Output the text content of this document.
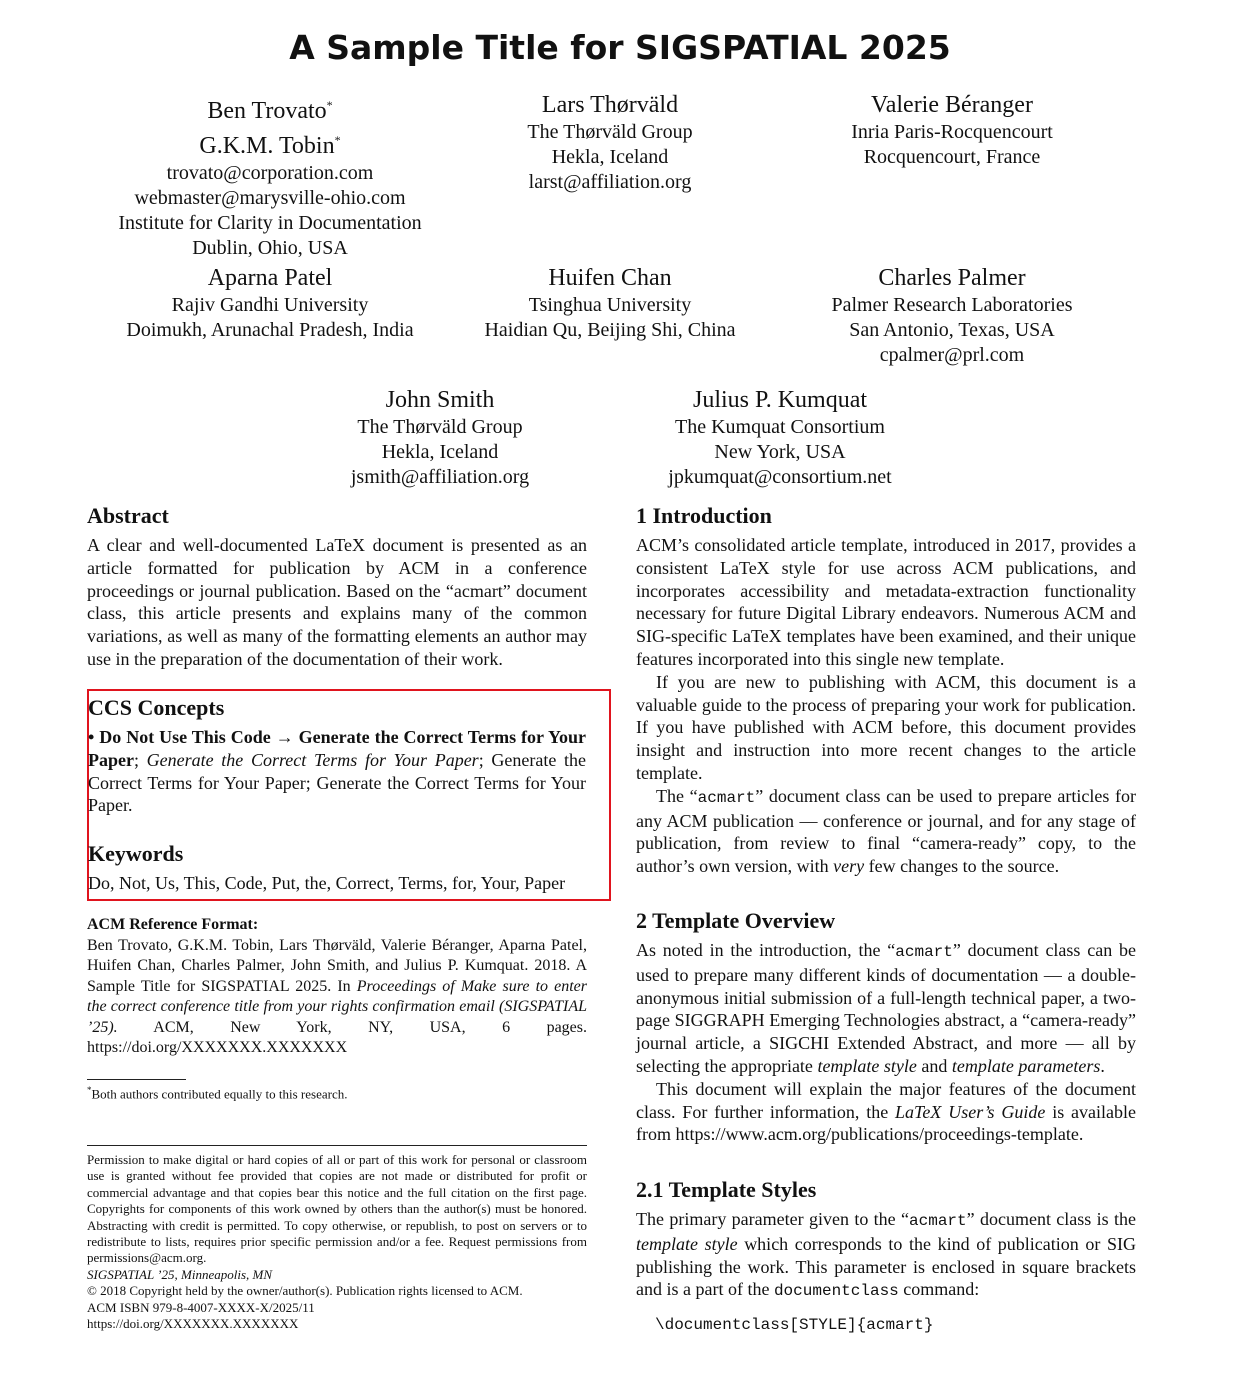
A Sample Title for SIGSPATIAL 2025
Ben Trovato*
G.K.M. Tobin*
trovato@corporation.com
webmaster@marysville-ohio.com
Institute for Clarity in Documentation
Dublin, Ohio, USA
Lars Thørväld
The Thørväld Group
Hekla, Iceland
larst@affiliation.org
Valerie Béranger
Inria Paris-Rocquencourt
Rocquencourt, France
Aparna Patel
Rajiv Gandhi University
Doimukh, Arunachal Pradesh, India
Huifen Chan
Tsinghua University
Haidian Qu, Beijing Shi, China
Charles Palmer
Palmer Research Laboratories
San Antonio, Texas, USA
cpalmer@prl.com
John Smith
The Thørväld Group
Hekla, Iceland
jsmith@affiliation.org
Julius P. Kumquat
The Kumquat Consortium
New York, USA
jpkumquat@consortium.net
Abstract

A clear and well-documented LaTeX document is presented as an article formatted for publication by ACM in a conference proceedings or journal publication. Based on the “acmart” document class, this article presents and explains many of the common variations, as well as many of the formatting elements an author may use in the preparation of the documentation of their work.

CCS Concepts

• Do Not Use This Code → Generate the Correct Terms for Your Paper; Generate the Correct Terms for Your Paper; Generate the Correct Terms for Your Paper; Generate the Correct Terms for Your Paper.

Keywords

Do, Not, Us, This, Code, Put, the, Correct, Terms, for, Your, Paper

ACM Reference Format:

Ben Trovato, G.K.M. Tobin, Lars Thørväld, Valerie Béranger, Aparna Patel, Huifen Chan, Charles Palmer, John Smith, and Julius P. Kumquat. 2018. A Sample Title for SIGSPATIAL 2025. In Proceedings of Make sure to enter the correct conference title from your rights confirmation email (SIGSPATIAL ’25). ACM, New York, NY, USA, 6 pages. https://doi.org/XXXXXXX.XXXXXXX

*Both authors contributed equally to this research.
Permission to make digital or hard copies of all or part of this work for personal or classroom use is granted without fee provided that copies are not made or distributed for profit or commercial advantage and that copies bear this notice and the full citation on the first page. Copyrights for components of this work owned by others than the author(s) must be honored. Abstracting with credit is permitted. To copy otherwise, or republish, to post on servers or to redistribute to lists, requires prior specific permission and/or a fee. Request permissions from permissions@acm.org.
SIGSPATIAL ’25, Minneapolis, MN
© 2018 Copyright held by the owner/author(s). Publication rights licensed to ACM.
ACM ISBN 979-8-4007-XXXX-X/2025/11
https://doi.org/XXXXXXX.XXXXXXX
1 Introduction

ACM’s consolidated article template, introduced in 2017, provides a consistent LaTeX style for use across ACM publications, and incorporates accessibility and metadata-extraction functionality necessary for future Digital Library endeavors. Numerous ACM and SIG-specific LaTeX templates have been examined, and their unique features incorporated into this single new template.

If you are new to publishing with ACM, this document is a valuable guide to the process of preparing your work for publication. If you have published with ACM before, this document provides insight and instruction into more recent changes to the article template.

The “acmart” document class can be used to prepare articles for any ACM publication — conference or journal, and for any stage of publication, from review to final “camera-ready” copy, to the author’s own version, with very few changes to the source.

2 Template Overview

As noted in the introduction, the “acmart” document class can be used to prepare many different kinds of documentation — a double-anonymous initial submission of a full-length technical paper, a two-page SIGGRAPH Emerging Technologies abstract, a “camera-ready” journal article, a SIGCHI Extended Abstract, and more — all by selecting the appropriate template style and template parameters.

This document will explain the major features of the document class. For further information, the LaTeX User’s Guide is available from https://www.acm.org/publications/proceedings-template.

2.1 Template Styles

The primary parameter given to the “acmart” document class is the template style which corresponds to the kind of publication or SIG publishing the work. This parameter is enclosed in square brackets and is a part of the documentclass command:

\documentclass[STYLE]{acmart}
